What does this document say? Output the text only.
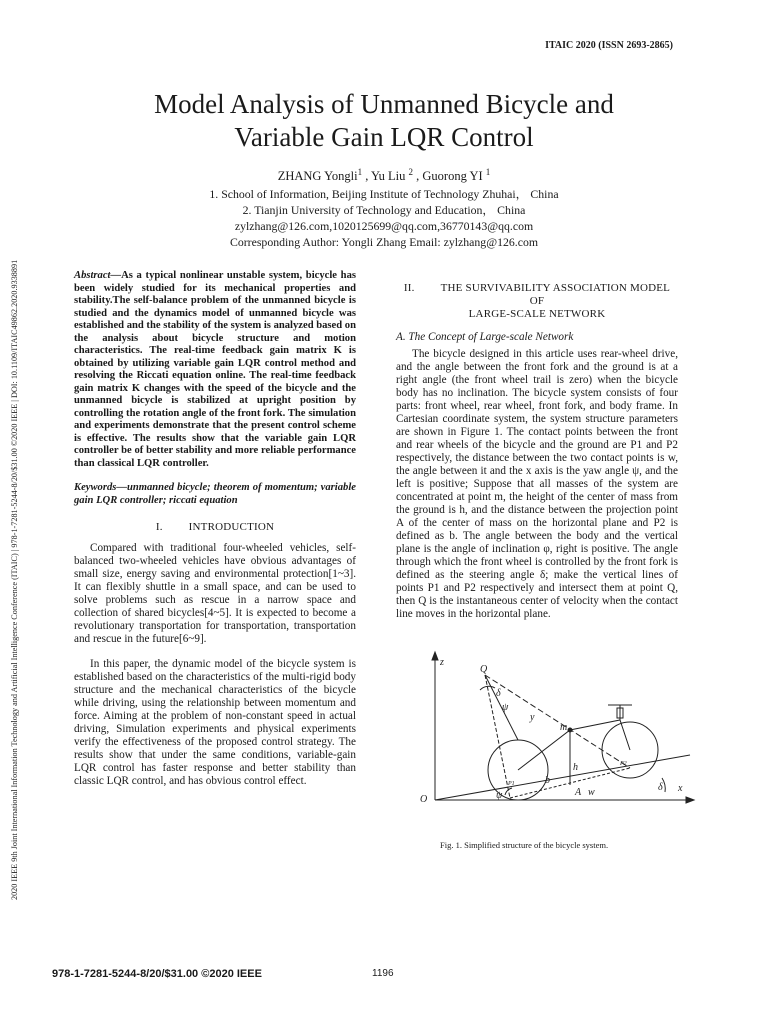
ITAIC 2020 (ISSN 2693-2865)
2020 IEEE 9th Joint International Information Technology and Artificial Intelligence Conference (ITAIC) | 978-1-7281-5244-8/20/$31.00 ©2020 IEEE | DOI: 10.1109/ITAIC49862.2020.9338891
Model Analysis of Unmanned Bicycle and
Variable Gain LQR Control
ZHANG Yongli$^1$ , Yu Liu $^2$ , Guorong YI $^1$
1. School of Information, Beijing Institute of Technology Zhuhai， China
2. Tianjin University of Technology and Education， China
zylzhang@126.com,1020125699@qq.com,36770143@qq.com
Corresponding Author: Yongli Zhang Email: zylzhang@126.com
Abstract—As a typical nonlinear unstable system, bicycle has been widely studied for its mechanical properties and stability.The self-balance problem of the unmanned bicycle is studied and the dynamics model of unmanned bicycle was established and the stability of the system is analyzed based on the analysis about bicycle structure and motion characteristics. The real-time feedback gain matrix K is obtained by utilizing variable gain LQR control method and resolving the Riccati equation online. The real-time feedback gain matrix K changes with the speed of the bicycle and the unmanned bicycle is stabilized at upright position by controlling the rotation angle of the front fork. The simulation and experiments demonstrate that the present control scheme is effective. The results show that the variable gain LQR controller be of better stability and more reliable performance than classical LQR controller.
Keywords—unmanned bicycle; theorem of momentum; variable gain LQR controller; riccati equation
I. INTRODUCTION

Compared with traditional four-wheeled vehicles, self-balanced two-wheeled vehicles have obvious advantages of small size, energy saving and environmental protection[1~3]. It can flexibly shuttle in a small space, and can be used to solve problems such as rescue in a narrow space and collection of shared bicycles[4~5]. It is expected to become a revolutionary transportation for transportation, transportation and rescue in the future[6~9].

In this paper, the dynamic model of the bicycle system is established based on the characteristics of the multi-rigid body structure and the mechanical characteristics of the bicycle while driving, using the relationship between momentum and force. Aiming at the problem of non-constant speed in actual driving, Simulation experiments and physical experiments verify the effectiveness of the proposed control strategy. The results show that under the same conditions, variable-gain LQR control has faster response and better stability than classic LQR control, and has obvious control effect.

II. THE SURVIVABILITY ASSOCIATION MODEL OF
LARGE-SCALE NETWORK
A. The Concept of Large-scale Network

The bicycle designed in this article uses rear-wheel drive, and the angle between the front fork and the ground is at a right angle (the front wheel trail is zero) when the bicycle body has no inclination. The bicycle system consists of four parts: front wheel, rear wheel, front fork, and body frame. In Cartesian coordinate system, the system structure parameters are shown in Figure 1. The contact points between the front and rear wheels of the bicycle and the ground are P1 and P2 respectively, the distance between the two contact points is w, the angle between it and the x axis is the yaw angle ψ, and the left is positive; Suppose that all masses of the system are concentrated at point m, the height of the center of mass from the ground is h, and the distance between the projection point A of the center of mass on the horizontal plane and P2 is defined as b. The angle between the body and the vertical plane is the angle of inclination φ, right is positive. The angle through which the front wheel is controlled by the front fork is defined as the steering angle δ; make the vertical lines of points P1 and P2 respectively and intersect them at point Q, then Q is the instantaneous center of velocity when the contact line moves in the horizontal plane.

z
Q
δ
ψ
y
m
h
b
P1
P2
A w	δ x
O	ψ
Fig. 1. Simplified structure of the bicycle system.
978-1-7281-5244-8/20/$31.00 ©2020 IEEE	1196
